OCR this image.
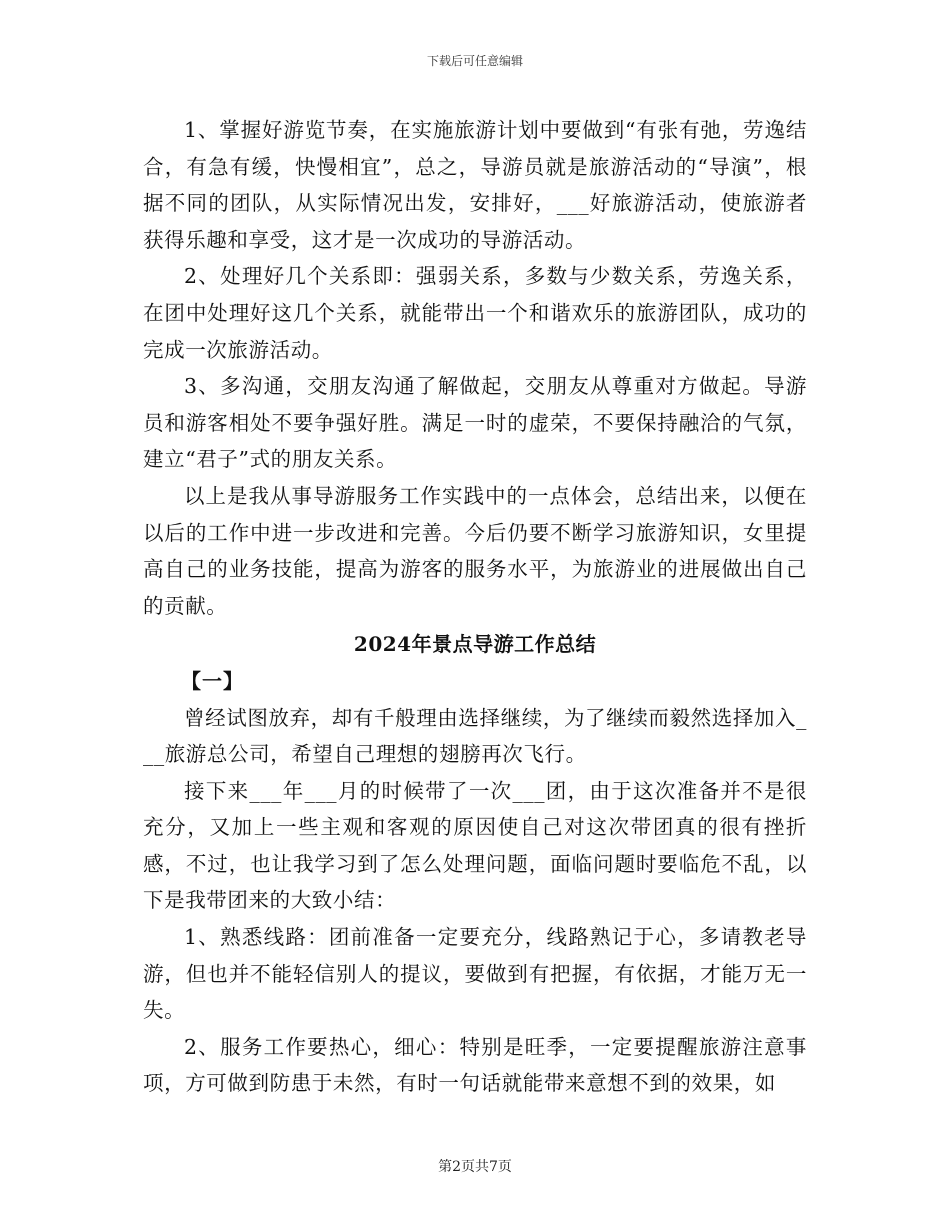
下载后可任意编辑

1、掌握好游览节奏，在实施旅游计划中要做到“有张有弛，劳逸结合，有急有缓，快慢相宜”，总之，导游员就是旅游活动的“导演”，根据不同的团队，从实际情况出发，安排好，___好旅游活动，使旅游者获得乐趣和享受，这才是一次成功的导游活动。

2、处理好几个关系即：强弱关系，多数与少数关系，劳逸关系，在团中处理好这几个关系，就能带出一个和谐欢乐的旅游团队，成功的完成一次旅游活动。

3、多沟通，交朋友沟通了解做起，交朋友从尊重对方做起。导游员和游客相处不要争强好胜。满足一时的虚荣，不要保持融洽的气氛，建立“君子”式的朋友关系。

以上是我从事导游服务工作实践中的一点体会，总结出来，以便在以后的工作中进一步改进和完善。今后仍要不断学习旅游知识，女里提高自己的业务技能，提高为游客的服务水平，为旅游业的进展做出自己的贡献。

2024年景点导游工作总结
【一】

曾经试图放弃，却有千般理由选择继续，为了继续而毅然选择加入___旅游总公司，希望自己理想的翅膀再次飞行。

接下来___年___月的时候带了一次___团，由于这次准备并不是很充分，又加上一些主观和客观的原因使自己对这次带团真的很有挫折感，不过，也让我学习到了怎么处理问题，面临问题时要临危不乱，以下是我带团来的大致小结：

1、熟悉线路：团前准备一定要充分，线路熟记于心，多请教老导游，但也并不能轻信别人的提议，要做到有把握，有依据，才能万无一失。

2、服务工作要热心，细心：特别是旺季，一定要提醒旅游注意事项，方可做到防患于未然，有时一句话就能带来意想不到的效果，如

第2页共7页
